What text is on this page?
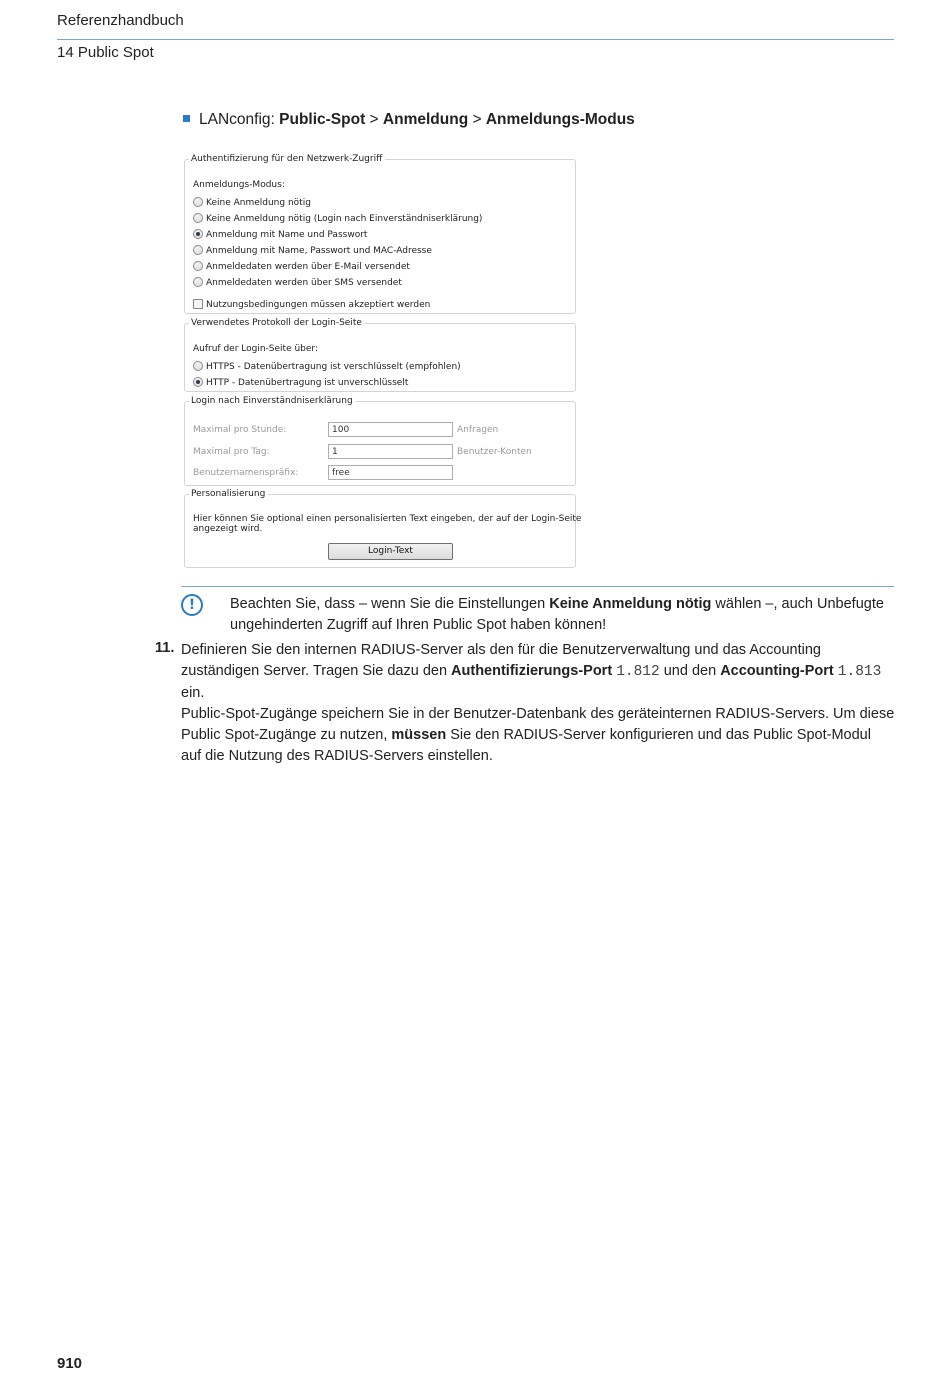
Referenzhandbuch
14 Public Spot
LANconfig: Public-Spot > Anmeldung > Anmeldungs-Modus
Authentifizierung für den Netzwerk-Zugriff
Anmeldungs-Modus:
Keine Anmeldung nötig
Keine Anmeldung nötig (Login nach Einverständniserklärung)
Anmeldung mit Name und Passwort
Anmeldung mit Name, Passwort und MAC-Adresse
Anmeldedaten werden über E-Mail versendet
Anmeldedaten werden über SMS versendet
Nutzungsbedingungen müssen akzeptiert werden
Verwendetes Protokoll der Login-Seite
Aufruf der Login-Seite über:
HTTPS - Datenübertragung ist verschlüsselt (empfohlen)
HTTP - Datenübertragung ist unverschlüsselt
Login nach Einverständniserklärung
Maximal pro Stunde:	100	Anfragen
Maximal pro Tag:	1	Benutzer-Konten
Benutzernamenspräfix:	free
Personalisierung
Hier können Sie optional einen personalisierten Text eingeben, der auf der Login-Seite
angezeigt wird.
Login-Text
!	Beachten Sie, dass – wenn Sie die Einstellungen Keine Anmeldung nötig wählen –, auch Unbefugte ungehinderten Zugriff auf Ihren Public Spot haben können!
11. Definieren Sie den internen RADIUS-Server als den für die Benutzerverwaltung und das Accounting zuständigen Server. Tragen Sie dazu den Authentifizierungs-Port 1.812 und den Accounting-Port 1.813 ein.
Public-Spot-Zugänge speichern Sie in der Benutzer-Datenbank des geräteinternen RADIUS-Servers. Um diese Public Spot-Zugänge zu nutzen, müssen Sie den RADIUS-Server konfigurieren und das Public Spot-Modul auf die Nutzung des RADIUS-Servers einstellen.
910
